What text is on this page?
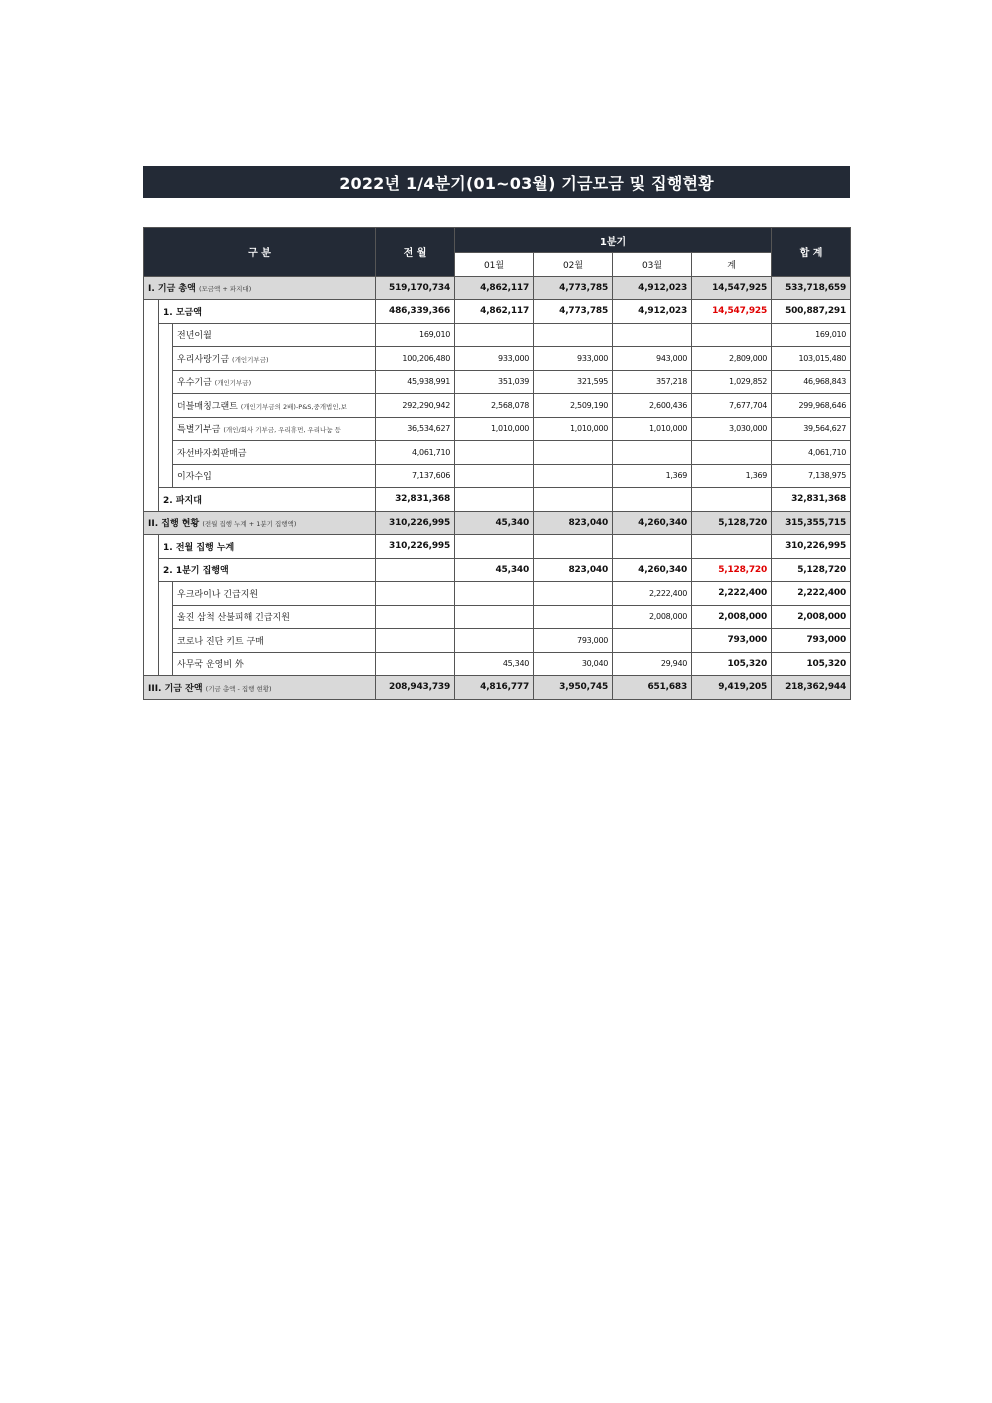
2022년 1/4분기(01~03월) 기금모금 및 집행현황
구 분			전 월	1분기				합 계
				01월	02월	03월	계	
I. 기금 총액 (모금액 + 파지대)			519,170,734	4,862,117	4,773,785	4,912,023	14,547,925	533,718,659
	1. 모금액		486,339,366	4,862,117	4,773,785	4,912,023	14,547,925	500,887,291
		전년이월	169,010					169,010
		우리사랑기금 (개인기부금)	100,206,480	933,000	933,000	943,000	2,809,000	103,015,480
		우수기금 (개인기부금)	45,938,991	351,039	321,595	357,218	1,029,852	46,968,843
		더블매칭그랜트 (개인기부금의 2배)-P&S,중개법인,보	292,290,942	2,568,078	2,509,190	2,600,436	7,677,704	299,968,646
		특별기부금 (개인/회사 기부금, 우리휴먼, 우리나눔 등	36,534,627	1,010,000	1,010,000	1,010,000	3,030,000	39,564,627
		자선바자회판매금	4,061,710					4,061,710
		이자수입	7,137,606			1,369	1,369	7,138,975
	2. 파지대		32,831,368					32,831,368
II. 집행 현황 (전월 집행 누계 + 1분기 집행액)			310,226,995	45,340	823,040	4,260,340	5,128,720	315,355,715
	1. 전월 집행 누계		310,226,995					310,226,995
	2. 1분기 집행액			45,340	823,040	4,260,340	5,128,720	5,128,720
		우크라이나 긴급지원				2,222,400	2,222,400	2,222,400
		울진 삼척 산불피해 긴급지원				2,008,000	2,008,000	2,008,000
		코로나 진단 키트 구매			793,000		793,000	793,000
		사무국 운영비 外		45,340	30,040	29,940	105,320	105,320
III. 기금 잔액 (기금 총액 - 집행 현황)			208,943,739	4,816,777	3,950,745	651,683	9,419,205	218,362,944
